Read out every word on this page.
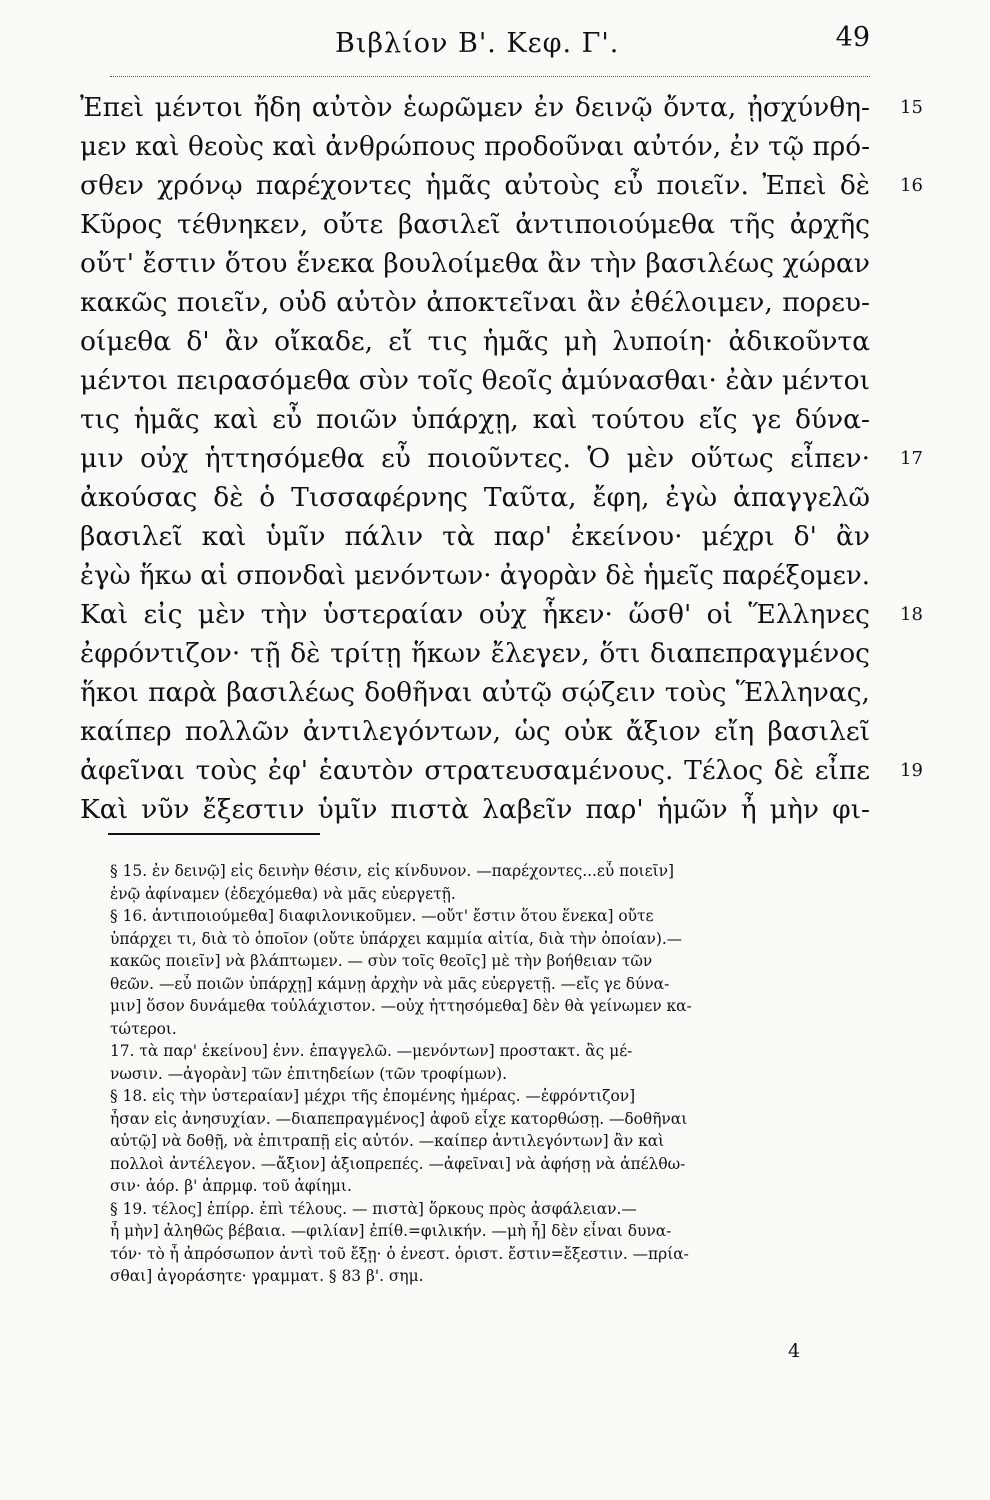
Βιβλίον Β'. Κεφ. Γ'.	49
Ἐπεὶ μέντοι ἤδη αὐτὸν ἑωρῶμεν ἐν δεινῷ ὄντα, ᾐσχύνθη- 15
μεν καὶ θεοὺς καὶ ἀνθρώπους προδοῦναι αὐτόν, ἐν τῷ πρό-
σθεν χρόνῳ παρέχοντες ἡμᾶς αὐτοὺς εὖ ποιεῖν. Ἐπεὶ δὲ 16
Κῦρος τέθνηκεν, οὔτε βασιλεῖ ἀντιποιούμεθα τῆς ἀρχῆς
οὔτ' ἔστιν ὅτου ἕνεκα βουλοίμεθα ἂν τὴν βασιλέως χώραν
κακῶς ποιεῖν, οὐδ αὐτὸν ἀποκτεῖναι ἂν ἐθέλοιμεν, πορευ-
οίμεθα δ' ἂν οἴκαδε, εἴ τις ἡμᾶς μὴ λυποίη· ἀδικοῦντα
μέντοι πειρασόμεθα σὺν τοῖς θεοῖς ἀμύνασθαι· ἐὰν μέντοι
τις ἡμᾶς καὶ εὖ ποιῶν ὑπάρχῃ, καὶ τούτου εἴς γε δύνα-
μιν οὐχ ἡττησόμεθα εὖ ποιοῦντες. Ὁ μὲν οὕτως εἶπεν· 17
ἀκούσας δὲ ὁ Τισσαφέρνης Ταῦτα, ἔφη, ἐγὼ ἀπαγγελῶ
βασιλεῖ καὶ ὑμῖν πάλιν τὰ παρ' ἐκείνου· μέχρι δ' ἂν
ἐγὼ ἥκω αἱ σπονδαὶ μενόντων· ἀγορὰν δὲ ἡμεῖς παρέξομεν.
Καὶ εἰς μὲν τὴν ὑστεραίαν οὐχ ἧκεν· ὥσθ' οἱ Ἕλληνες 18
ἐφρόντιζον· τῇ δὲ τρίτῃ ἥκων ἔλεγεν, ὅτι διαπεπραγμένος
ἥκοι παρὰ βασιλέως δοθῆναι αὐτῷ σῴζειν τοὺς Ἕλληνας,
καίπερ πολλῶν ἀντιλεγόντων, ὡς οὐκ ἄξιον εἴη βασιλεῖ
ἀφεῖναι τοὺς ἐφ' ἑαυτὸν στρατευσαμένους. Τέλος δὲ εἶπε 19
Καὶ νῦν ἔξεστιν ὑμῖν πιστὰ λαβεῖν παρ' ἡμῶν ἦ μὴν φι-
§ 15. ἐν δεινῷ] εἰς δεινὴν θέσιν, εἰς κίνδυνον. —παρέχοντες...εὖ ποιεῖν]
ἐνῷ ἀφίναμεν (ἐδεχόμεθα) νὰ μᾶς εὐεργετῇ.
§ 16. ἀντιποιούμεθα] διαφιλονικοῦμεν. —οὔτ' ἔστιν ὅτου ἕνεκα] οὔτε
ὑπάρχει τι, διὰ τὸ ὁποῖον (οὔτε ὑπάρχει καμμία αἰτία, διὰ τὴν ὁποίαν).—
κακῶς ποιεῖν] νὰ βλάπτωμεν. — σὺν τοῖς θεοῖς] μὲ τὴν βοήθειαν τῶν
θεῶν. —εὖ ποιῶν ὑπάρχῃ] κάμνῃ ἀρχὴν νὰ μᾶς εὐεργετῇ. —εἴς γε δύνα-
μιν] ὅσον δυνάμεθα τοὐλάχιστον. —οὐχ ἡττησόμεθα] δὲν θὰ γείνωμεν κα-
τώτεροι.
17. τὰ παρ' ἐκείνου] ἐνν. ἐπαγγελῶ. —μενόντων] προστακτ. ἂς μέ-
νωσιν. —ἀγορὰν] τῶν ἐπιτηδείων (τῶν τροφίμων).
§ 18. εἰς τὴν ὑστεραίαν] μέχρι τῆς ἐπομένης ἡμέρας. —ἐφρόντιζον]
ἦσαν εἰς ἀνησυχίαν. —διαπεπραγμένος] ἀφοῦ εἶχε κατορθώσῃ. —δοθῆναι
αὐτῷ] νὰ δοθῇ, νὰ ἐπιτραπῇ εἰς αὐτόν. —καίπερ ἀντιλεγόντων] ἂν καὶ
πολλοὶ ἀντέλεγον. —ἄξιον] ἀξιοπρεπές. —ἀφεῖναι] νὰ ἀφήσῃ νὰ ἀπέλθω-
σιν· ἀόρ. β' ἀπρμφ. τοῦ ἀφίημι.
§ 19. τέλος] ἐπίρρ. ἐπὶ τέλους. — πιστὰ] ὅρκους πρὸς ἀσφάλειαν.—
ἦ μὴν] ἀληθῶς βέβαια. —φιλίαν] ἐπίθ.=φιλικήν. —μὴ ἦ] δὲν εἶναι δυνα-
τόν· τὸ ἦ ἀπρόσωπον ἀντὶ τοῦ ἔξῃ· ὁ ἐνεστ. ὁριστ. ἔστιν=ἔξεστιν. —πρία-
σθαι] ἀγοράσητε· γραμματ. § 83 β'. σημ.
4
